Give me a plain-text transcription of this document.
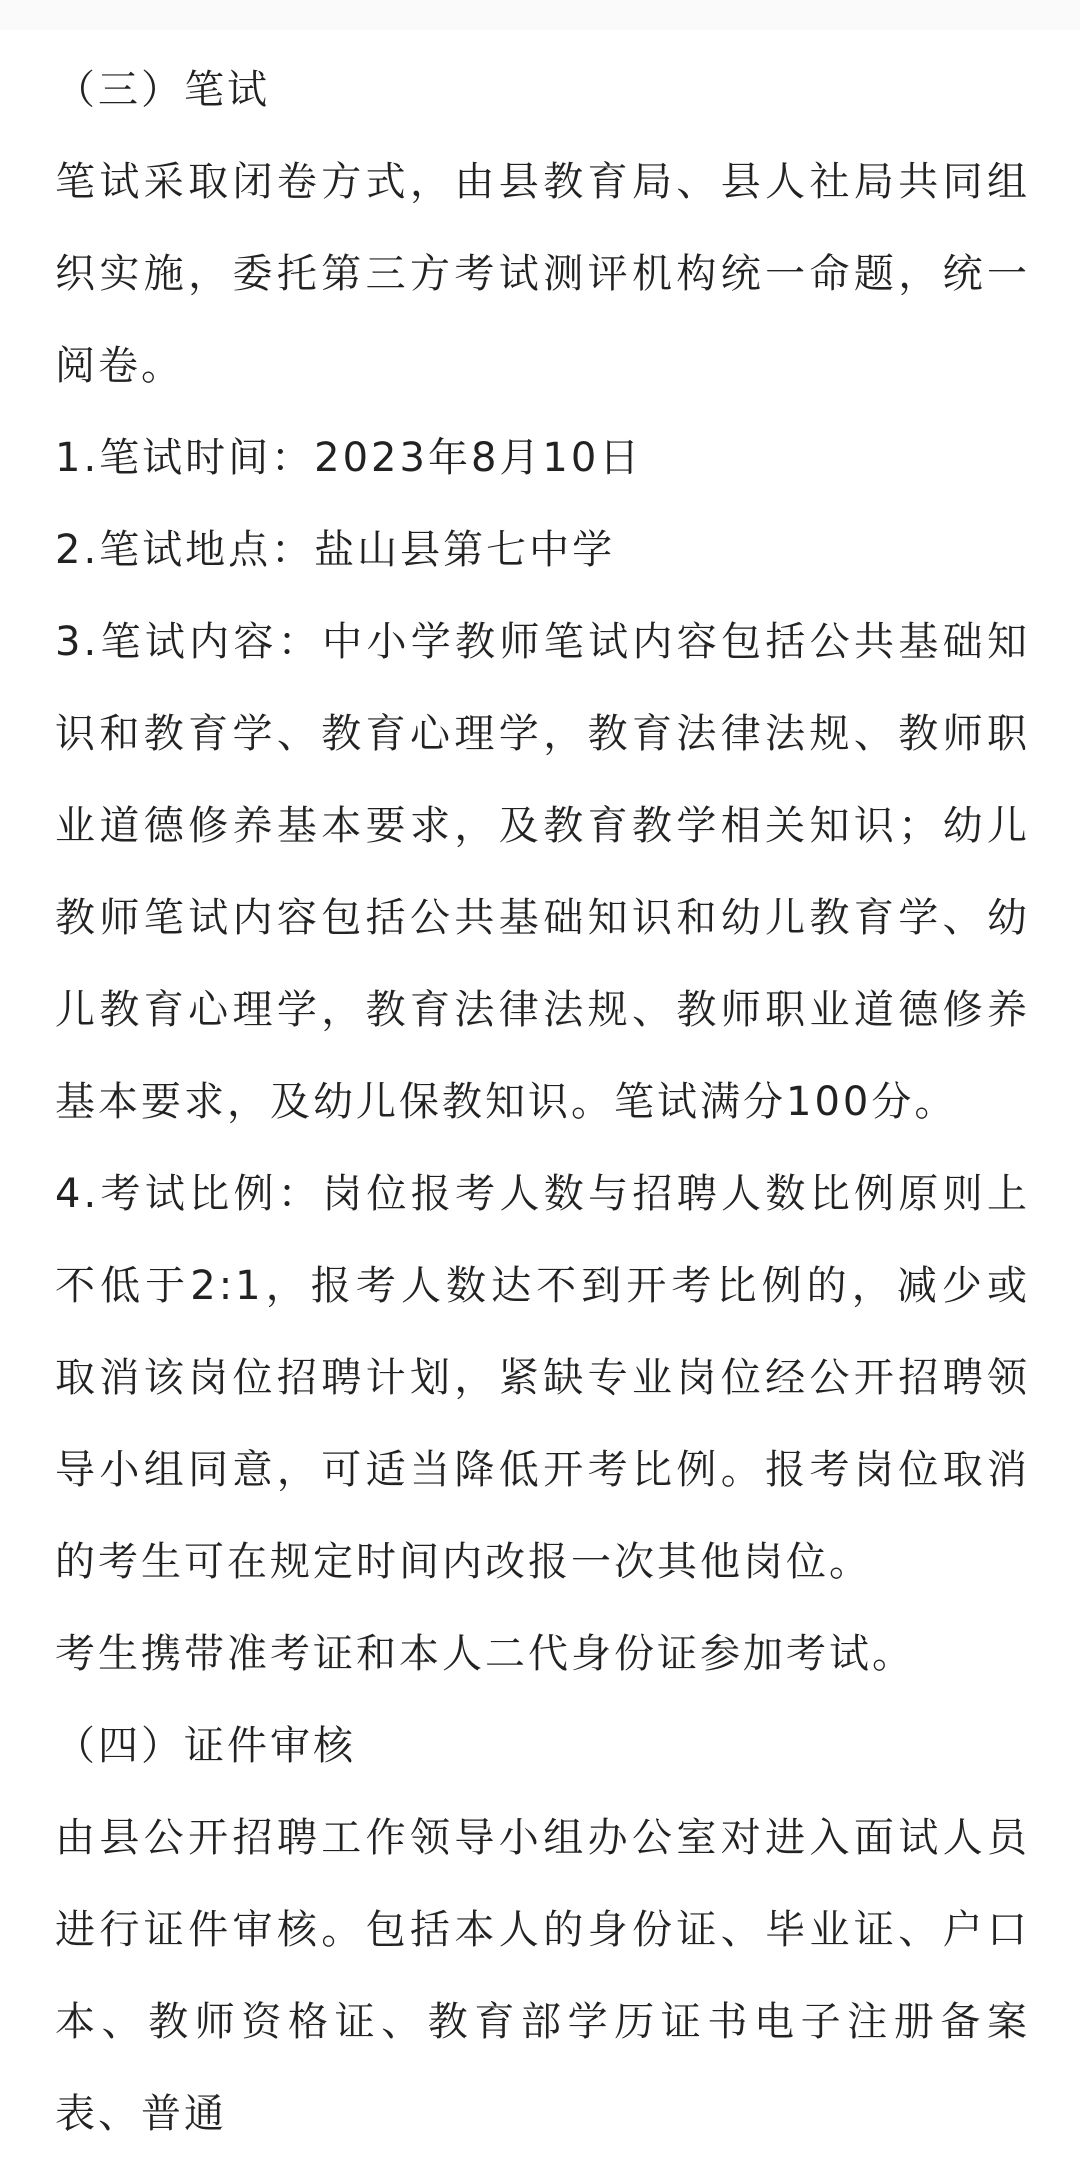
（三）笔试

笔试采取闭卷方式，由县教育局、县人社局共同组织实施，委托第三方考试测评机构统一命题，统一阅卷。

1.笔试时间：2023年8月10日

2.笔试地点：盐山县第七中学

3.笔试内容：中小学教师笔试内容包括公共基础知识和教育学、教育心理学，教育法律法规、教师职业道德修养基本要求，及教育教学相关知识；幼儿教师笔试内容包括公共基础知识和幼儿教育学、幼儿教育心理学，教育法律法规、教师职业道德修养基本要求，及幼儿保教知识。笔试满分100分。

4.考试比例：岗位报考人数与招聘人数比例原则上不低于2:1，报考人数达不到开考比例的，减少或取消该岗位招聘计划，紧缺专业岗位经公开招聘领导小组同意，可适当降低开考比例。报考岗位取消的考生可在规定时间内改报一次其他岗位。

考生携带准考证和本人二代身份证参加考试。

（四）证件审核

由县公开招聘工作领导小组办公室对进入面试人员进行证件审核。包括本人的身份证、毕业证、户口本、教师资格证、教育部学历证书电子注册备案表、普通
